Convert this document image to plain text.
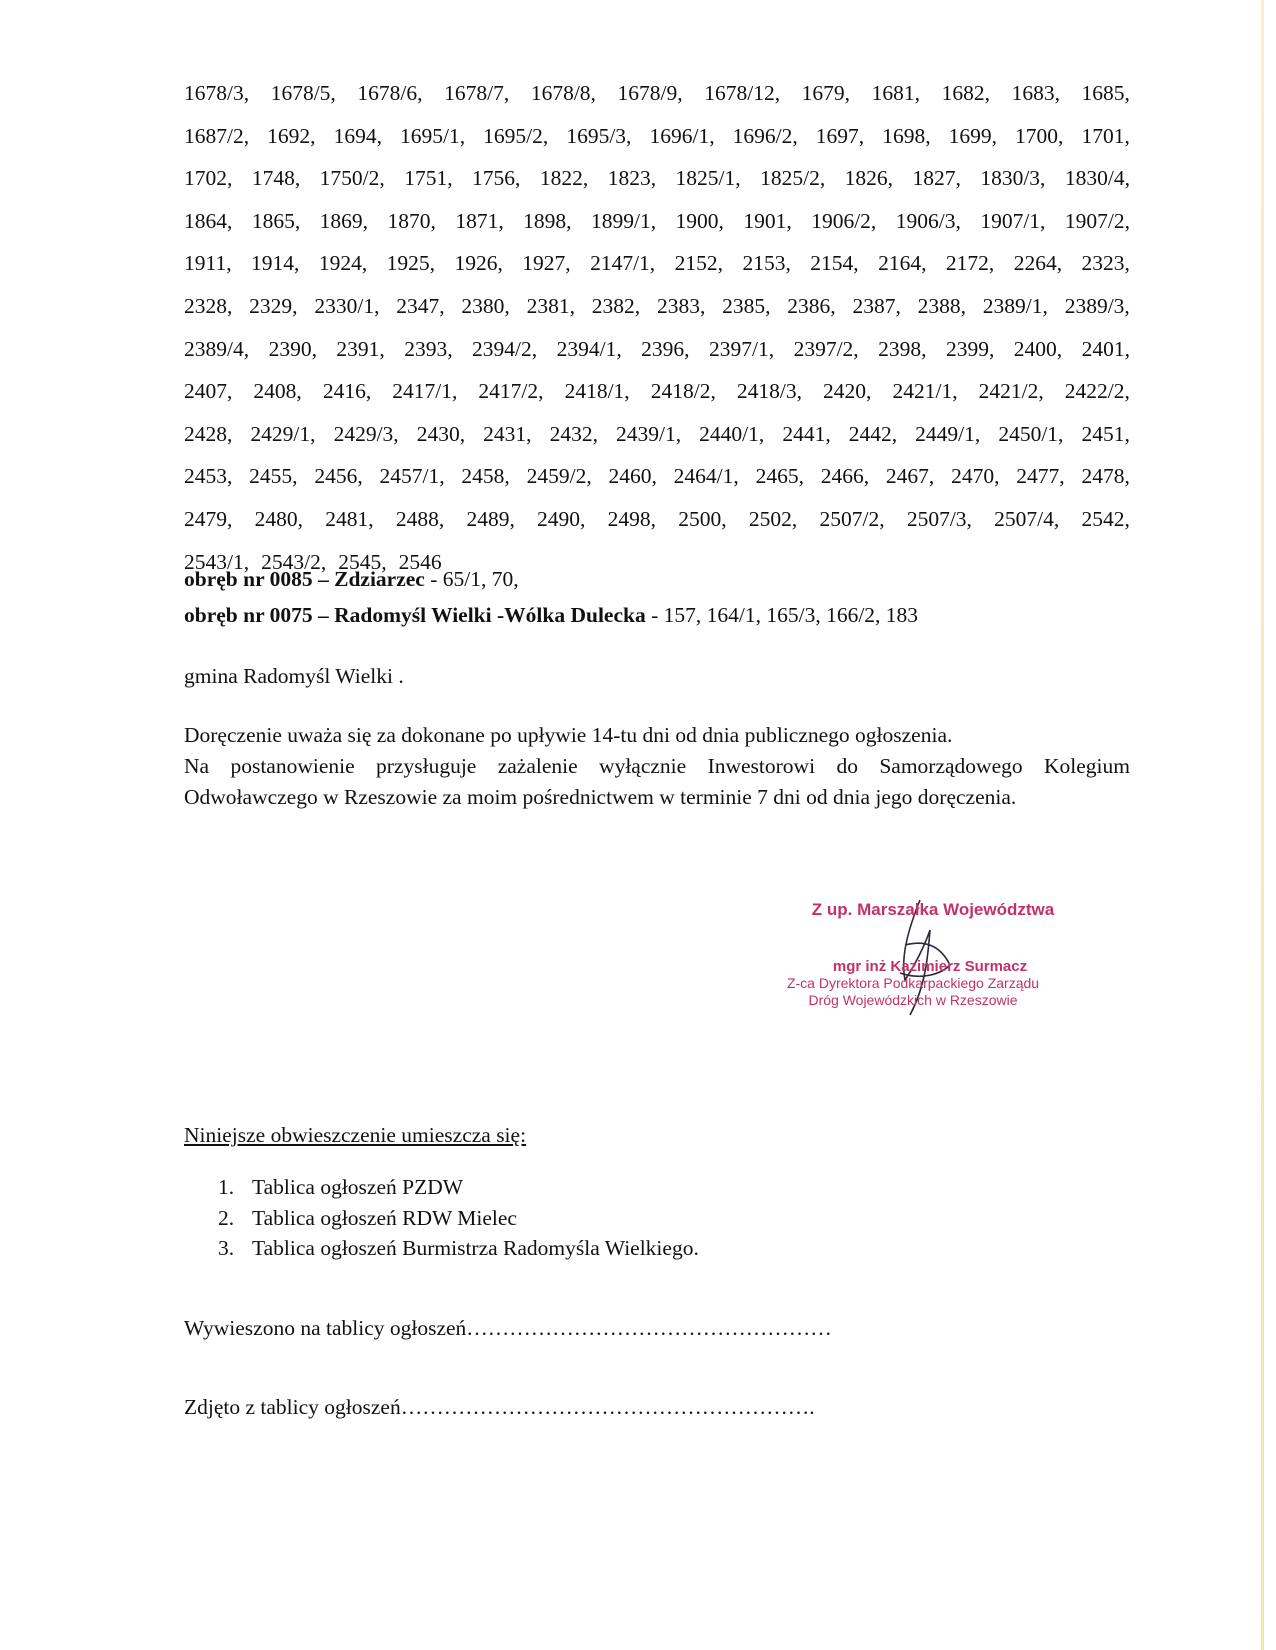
1678/3, 1678/5, 1678/6, 1678/7, 1678/8, 1678/9, 1678/12, 1679, 1681, 1682, 1683, 1685,
1687/2, 1692, 1694, 1695/1, 1695/2, 1695/3, 1696/1, 1696/2, 1697, 1698, 1699, 1700, 1701,
1702, 1748, 1750/2, 1751, 1756, 1822, 1823, 1825/1, 1825/2, 1826, 1827, 1830/3, 1830/4,
1864, 1865, 1869, 1870, 1871, 1898, 1899/1, 1900, 1901, 1906/2, 1906/3, 1907/1, 1907/2,
1911, 1914, 1924, 1925, 1926, 1927, 2147/1, 2152, 2153, 2154, 2164, 2172, 2264, 2323,
2328, 2329, 2330/1, 2347, 2380, 2381, 2382, 2383, 2385, 2386, 2387, 2388, 2389/1, 2389/3,
2389/4, 2390, 2391, 2393, 2394/2, 2394/1, 2396, 2397/1, 2397/2, 2398, 2399, 2400, 2401,
2407, 2408, 2416, 2417/1, 2417/2, 2418/1, 2418/2, 2418/3, 2420, 2421/1, 2421/2, 2422/2,
2428, 2429/1, 2429/3, 2430, 2431, 2432, 2439/1, 2440/1, 2441, 2442, 2449/1, 2450/1, 2451,
2453, 2455, 2456, 2457/1, 2458, 2459/2, 2460, 2464/1, 2465, 2466, 2467, 2470, 2477, 2478,
2479, 2480, 2481, 2488, 2489, 2490, 2498, 2500, 2502, 2507/2, 2507/3, 2507/4, 2542,
2543/1, 2543/2, 2545, 2546
obręb nr 0085 – Zdziarzec - 65/1, 70,
obręb nr 0075 – Radomyśl Wielki -Wólka Dulecka - 157, 164/1, 165/3, 166/2, 183
gmina Radomyśl Wielki .
Doręczenie uważa się za dokonane po upływie 14-tu dni od dnia publicznego ogłoszenia.
Na postanowienie przysługuje zażalenie wyłącznie Inwestorowi do Samorządowego Kolegium Odwoławczego w Rzeszowie za moim pośrednictwem w terminie 7 dni od dnia jego doręczenia.
Z up. Marszałka Województwa
mgr inż Kazimierz Surmacz
Z-ca Dyrektora Podkarpackiego Zarządu
Dróg Wojewódzkich w Rzeszowie
Niniejsze obwieszczenie umieszcza się:
1. Tablica ogłoszeń PZDW
2. Tablica ogłoszeń RDW Mielec
3. Tablica ogłoszeń Burmistrza Radomyśla Wielkiego.
Wywieszono na tablicy ogłoszeń……………………………………………
Zdjęto z tablicy ogłoszeń………………………………………………….
